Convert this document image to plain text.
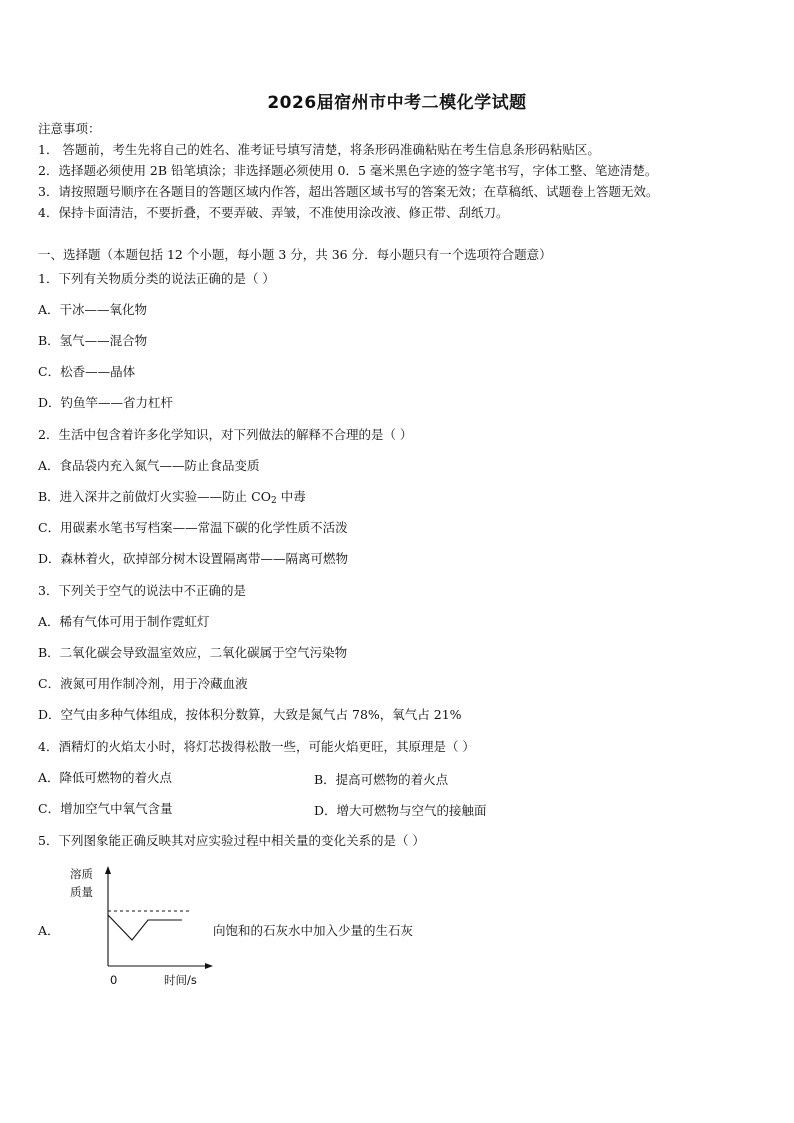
2026届宿州市中考二模化学试题
注意事项：
1． 答题前，考生先将自己的姓名、准考证号填写清楚，将条形码准确粘贴在考生信息条形码粘贴区。
2．选择题必须使用 2B 铅笔填涂；非选择题必须使用 0．5 毫米黑色字迹的签字笔书写，字体工整、笔迹清楚。
3．请按照题号顺序在各题目的答题区域内作答，超出答题区域书写的答案无效；在草稿纸、试题卷上答题无效。
4．保持卡面清洁，不要折叠，不要弄破、弄皱，不准使用涂改液、修正带、刮纸刀。
一、选择题（本题包括 12 个小题，每小题 3 分，共 36 分．每小题只有一个选项符合题意）
1．下列有关物质分类的说法正确的是（ ）
A．干冰——氧化物
B．氢气——混合物
C．松香——晶体
D．钓鱼竿——省力杠杆
2．生活中包含着许多化学知识，对下列做法的解释不合理的是（ ）
A．食品袋内充入氮气——防止食品变质
B．进入深井之前做灯火实验——防止 $CO_2$ 中毒
C．用碳素水笔书写档案——常温下碳的化学性质不活泼
D．森林着火，砍掉部分树木设置隔离带——隔离可燃物
3．下列关于空气的说法中不正确的是
A．稀有气体可用于制作霓虹灯
B．二氧化碳会导致温室效应，二氧化碳属于空气污染物
C．液氮可用作制冷剂，用于冷藏血液
D．空气由多种气体组成，按体积分数算，大致是氮气占 78%，氧气占 21%
4．酒精灯的火焰太小时，将灯芯拨得松散一些，可能火焰更旺，其原理是（ ）
A．降低可燃物的着火点	B．提高可燃物的着火点
C．增加空气中氧气含量	D．增大可燃物与空气的接触面
5．下列图象能正确反映其对应实验过程中相关量的变化关系的是（ ）
A．
溶质
质量
0	时间/s
向饱和的石灰水中加入少量的生石灰
